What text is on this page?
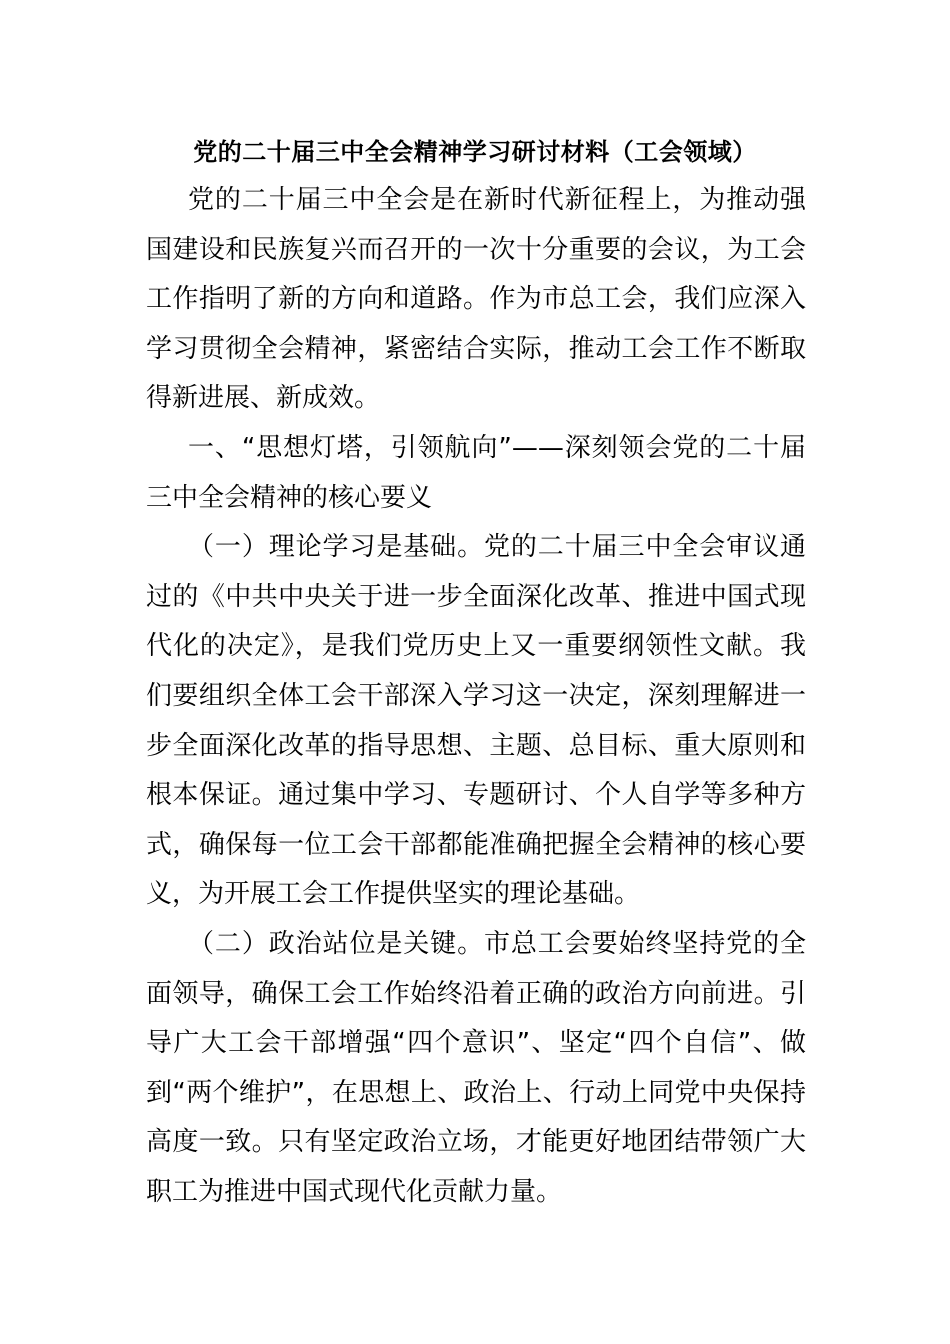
党的二十届三中全会精神学习研讨材料（工会领域）

党的二十届三中全会是在新时代新征程上，为推动强国建设和民族复兴而召开的一次十分重要的会议，为工会工作指明了新的方向和道路。作为市总工会，我们应深入学习贯彻全会精神，紧密结合实际，推动工会工作不断取得新进展、新成效。

一、“思想灯塔，引领航向”——深刻领会党的二十届三中全会精神的核心要义

（一）理论学习是基础。党的二十届三中全会审议通过的《中共中央关于进一步全面深化改革、推进中国式现代化的决定》，是我们党历史上又一重要纲领性文献。我们要组织全体工会干部深入学习这一决定，深刻理解进一步全面深化改革的指导思想、主题、总目标、重大原则和根本保证。通过集中学习、专题研讨、个人自学等多种方式，确保每一位工会干部都能准确把握全会精神的核心要义，为开展工会工作提供坚实的理论基础。

（二）政治站位是关键。市总工会要始终坚持党的全面领导，确保工会工作始终沿着正确的政治方向前进。引导广大工会干部增强“四个意识”、坚定“四个自信”、做到“两个维护”，在思想上、政治上、行动上同党中央保持高度一致。只有坚定政治立场，才能更好地团结带领广大职工为推进中国式现代化贡献力量。
